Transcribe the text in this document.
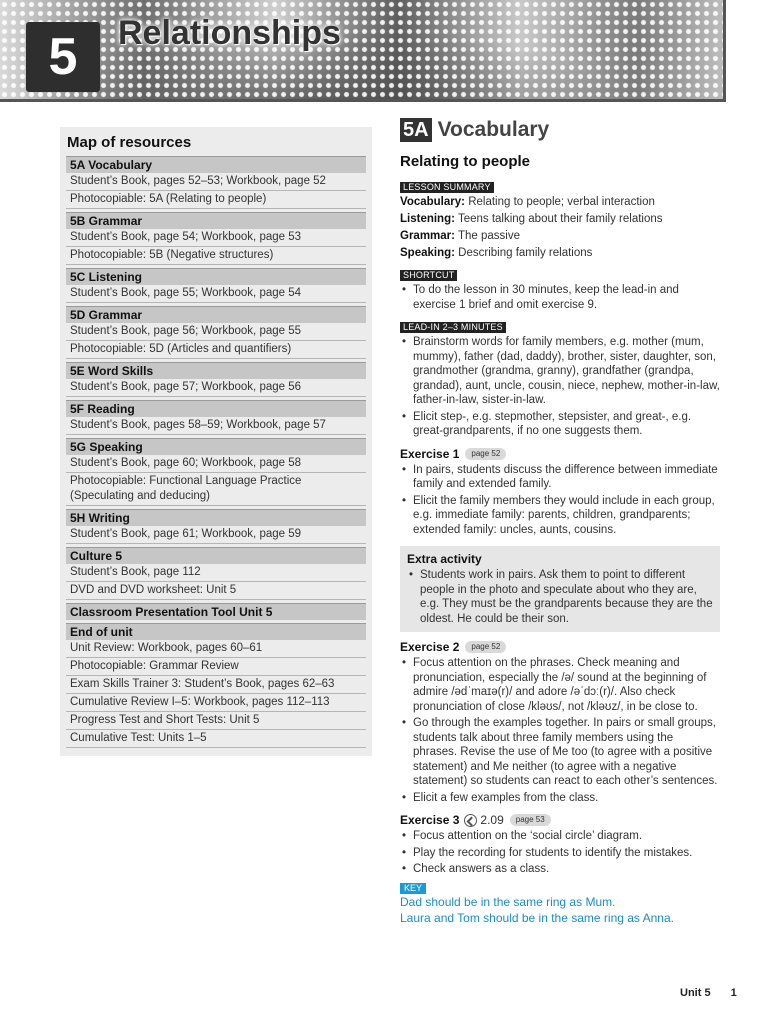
5	Relationships
Map of resources
5A Vocabulary
Student’s Book, pages 52–53; Workbook, page 52
Photocopiable: 5A (Relating to people)
5B Grammar
Student’s Book, page 54; Workbook, page 53
Photocopiable: 5B (Negative structures)
5C Listening
Student’s Book, page 55; Workbook, page 54
5D Grammar
Student’s Book, page 56; Workbook, page 55
Photocopiable: 5D (Articles and quantifiers)
5E Word Skills
Student’s Book, page 57; Workbook, page 56
5F Reading
Student’s Book, pages 58–59; Workbook, page 57
5G Speaking
Student’s Book, page 60; Workbook, page 58
Photocopiable: Functional Language Practice (Speculating and deducing)
5H Writing
Student’s Book, page 61; Workbook, page 59
Culture 5
Student’s Book, page 112
DVD and DVD worksheet: Unit 5
Classroom Presentation Tool Unit 5
End of unit
Unit Review: Workbook, pages 60–61
Photocopiable: Grammar Review
Exam Skills Trainer 3: Student’s Book, pages 62–63
Cumulative Review I–5: Workbook, pages 112–113
Progress Test and Short Tests: Unit 5
Cumulative Test: Units 1–5
5A Vocabulary
Relating to people
LESSON SUMMARY
Vocabulary: Relating to people; verbal interaction
Listening: Teens talking about their family relations
Grammar: The passive
Speaking: Describing family relations
SHORTCUT
• To do the lesson in 30 minutes, keep the lead-in and exercise 1 brief and omit exercise 9.
LEAD-IN 2–3 MINUTES
• Brainstorm words for family members, e.g. mother (mum, mummy), father (dad, daddy), brother, sister, daughter, son, grandmother (grandma, granny), grandfather (grandpa, grandad), aunt, uncle, cousin, niece, nephew, mother-in-law, father-in-law, sister-in-law.
• Elicit step-, e.g. stepmother, stepsister, and great-, e.g. great-grandparents, if no one suggests them.
Exercise 1	page 52
• In pairs, students discuss the difference between immediate family and extended family.
• Elicit the family members they would include in each group, e.g. immediate family: parents, children, grandparents; extended family: uncles, aunts, cousins.
Extra activity
• Students work in pairs. Ask them to point to different people in the photo and speculate about who they are, e.g. They must be the grandparents because they are the oldest. He could be their son.
Exercise 2	page 52
• Focus attention on the phrases. Check meaning and pronunciation, especially the /ə/ sound at the beginning of admire /ədˈmaɪə(r)/ and adore /əˈdɔː(r)/. Also check pronunciation of close /kləʊs/, not /kləʊz/, in be close to.
• Go through the examples together. In pairs or small groups, students talk about three family members using the phrases. Revise the use of Me too (to agree with a positive statement) and Me neither (to agree with a negative statement) so students can react to each other’s sentences.
• Elicit a few examples from the class.
Exercise 3 2.09	page 53
• Focus attention on the ‘social circle’ diagram.
• Play the recording for students to identify the mistakes.
• Check answers as a class.
KEY
Dad should be in the same ring as Mum.
Laura and Tom should be in the same ring as Anna.
Unit 5 1
